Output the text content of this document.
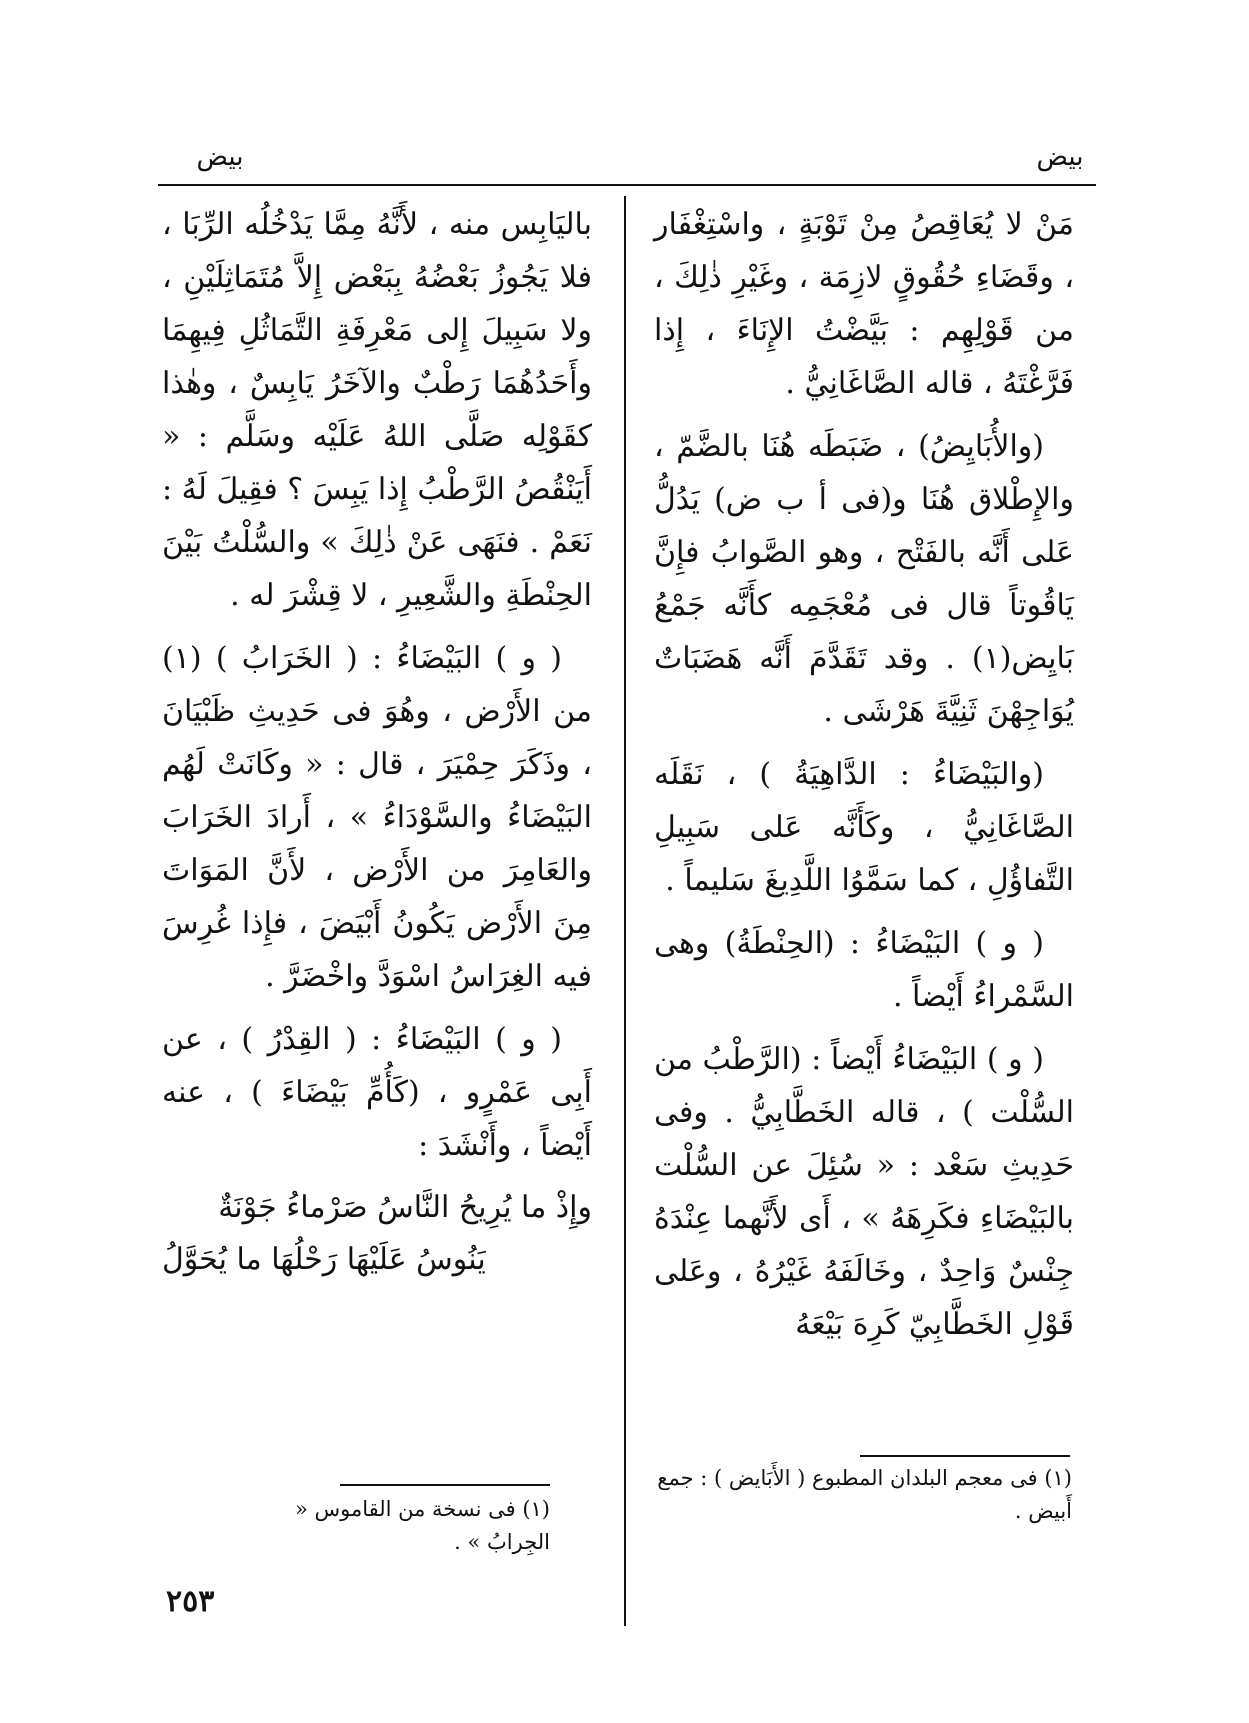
بيض
بيض

مَنْ لا يُعَاقِصُ مِنْ تَوْبَةٍ ، واسْتِغْفَار ، وقَضَاءِ حُقُوقٍ لازِمَة ، وغَيْرِ ذٰلِكَ ، من قَوْلِهِم : بَيَّضْتُ الإِنَاءَ ، إِذا فَرَّغْتَهُ ، قاله الصَّاغَانِيُّ .

(والأُبَايِضُ) ، ضَبَطَه هُنَا بالضَّمّ ، والإِطْلاق هُنَا و(فى أ ب ض) يَدُلُّ عَلى أَنَّه بالفَتْح ، وهو الصَّوابُ فإِنَّ يَاقُوتاً قال فى مُعْجَمِه كأَنَّه جَمْعُ بَايِض(١) . وقد تَقَدَّمَ أَنَّه هَضَبَاتٌ يُوَاجِهْنَ ثَنِيَّةَ هَرْشَى .

(والبَيْضَاءُ : الدَّاهِيَةُ ) ، نَقَلَه الصَّاغَانِيُّ ، وكَأَنَّه عَلى سَبِيلِ التَّفاؤُلِ ، كما سَمَّوُا اللَّدِيغَ سَليماً .

( و ) البَيْضَاءُ : (الحِنْطَةُ) وهى السَّمْراءُ أَيْضاً .

( و ) البَيْضَاءُ أَيْضاً : (الرَّطْبُ من السُّلْت ) ، قاله الخَطَّابِيُّ . وفى حَدِيثِ سَعْد : « سُئِلَ عن السُّلْت بالبَيْضَاءِ فكَرِهَهُ » ، أَى لأَنَّهما عِنْدَهُ جِنْسٌ وَاحِدٌ ، وخَالَفَهُ غَيْرُهُ ، وعَلى قَوْلِ الخَطَّابِيّ كَرِهَ بَيْعَهُ

باليَابِس منه ، لأَنَّهُ مِمَّا يَدْخُلُه الرِّبَا ، فلا يَجُوزُ بَعْضُهُ بِبَعْض إِلاَّ مُتَمَاثِلَيْنِ ، ولا سَبِيلَ إِلى مَعْرِفَةِ التَّمَاثُلِ فِيهِمَا وأَحَدُهُمَا رَطْبٌ والآخَرُ يَابِسٌ ، وهٰذا كقَوْلِه صَلَّى اللهُ عَلَيْه وسَلَّم : « أَيَنْقُصُ الرَّطْبُ إِذا يَبِسَ ؟ فقِيلَ لَهُ : نَعَمْ . فنَهَى عَنْ ذٰلِكَ » والسُّلْتُ بَيْنَ الحِنْطَةِ والشَّعِيرِ ، لا قِشْرَ له .

( و ) البَيْضَاءُ : ( الخَرَابُ ) (١) من الأَرْض ، وهُوَ فى حَدِيثِ ظَبْيَانَ ، وذَكَرَ حِمْيَرَ ، قال : « وكَانَتْ لَهُم البَيْضَاءُ والسَّوْدَاءُ » ، أَرادَ الخَرَابَ والعَامِرَ من الأَرْض ، لأَنَّ المَوَاتَ مِنَ الأَرْض يَكُونُ أَبْيَضَ ، فإِذا غُرِسَ فيه الغِرَاسُ اسْوَدَّ واخْضَرَّ .

( و ) البَيْضَاءُ : ( القِدْرُ ) ، عن أَبِى عَمْرٍو ، (كَأُمِّ بَيْضَاءَ ) ، عنه أَيْضاً ، وأَنْشَدَ :

وإِذْ ما يُرِيحُ النَّاسُ صَرْماءُ جَوْنَةٌ
يَنُوسُ عَلَيْهَا رَحْلُهَا ما يُحَوَّلُ
(١) فى معجم البلدان المطبوع ( الأَبَايض ) : جمع أَبيض .
(١) فى نسخة من القاموس « الجِرابُ » .
٢٥٣
